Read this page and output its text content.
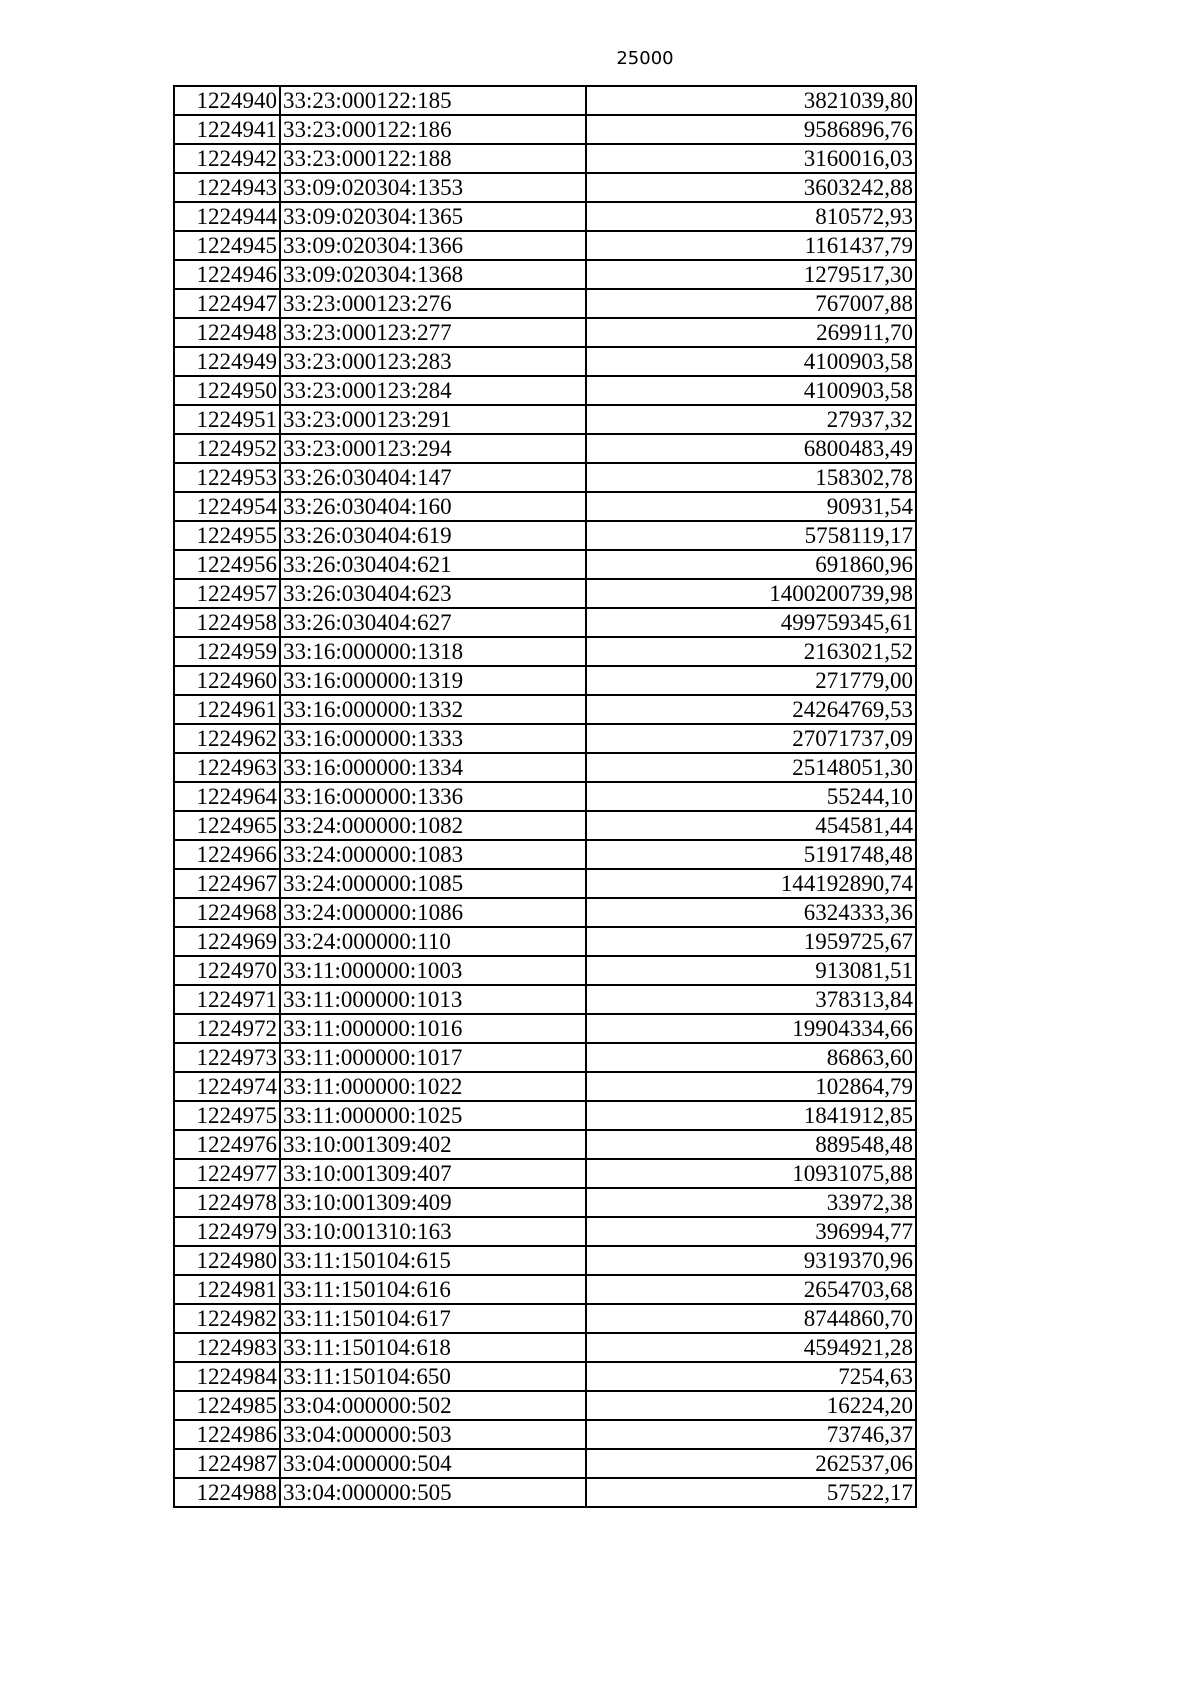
25000
1224940	33:23:000122:185	3821039,80
1224941	33:23:000122:186	9586896,76
1224942	33:23:000122:188	3160016,03
1224943	33:09:020304:1353	3603242,88
1224944	33:09:020304:1365	810572,93
1224945	33:09:020304:1366	1161437,79
1224946	33:09:020304:1368	1279517,30
1224947	33:23:000123:276	767007,88
1224948	33:23:000123:277	269911,70
1224949	33:23:000123:283	4100903,58
1224950	33:23:000123:284	4100903,58
1224951	33:23:000123:291	27937,32
1224952	33:23:000123:294	6800483,49
1224953	33:26:030404:147	158302,78
1224954	33:26:030404:160	90931,54
1224955	33:26:030404:619	5758119,17
1224956	33:26:030404:621	691860,96
1224957	33:26:030404:623	1400200739,98
1224958	33:26:030404:627	499759345,61
1224959	33:16:000000:1318	2163021,52
1224960	33:16:000000:1319	271779,00
1224961	33:16:000000:1332	24264769,53
1224962	33:16:000000:1333	27071737,09
1224963	33:16:000000:1334	25148051,30
1224964	33:16:000000:1336	55244,10
1224965	33:24:000000:1082	454581,44
1224966	33:24:000000:1083	5191748,48
1224967	33:24:000000:1085	144192890,74
1224968	33:24:000000:1086	6324333,36
1224969	33:24:000000:110	1959725,67
1224970	33:11:000000:1003	913081,51
1224971	33:11:000000:1013	378313,84
1224972	33:11:000000:1016	19904334,66
1224973	33:11:000000:1017	86863,60
1224974	33:11:000000:1022	102864,79
1224975	33:11:000000:1025	1841912,85
1224976	33:10:001309:402	889548,48
1224977	33:10:001309:407	10931075,88
1224978	33:10:001309:409	33972,38
1224979	33:10:001310:163	396994,77
1224980	33:11:150104:615	9319370,96
1224981	33:11:150104:616	2654703,68
1224982	33:11:150104:617	8744860,70
1224983	33:11:150104:618	4594921,28
1224984	33:11:150104:650	7254,63
1224985	33:04:000000:502	16224,20
1224986	33:04:000000:503	73746,37
1224987	33:04:000000:504	262537,06
1224988	33:04:000000:505	57522,17
